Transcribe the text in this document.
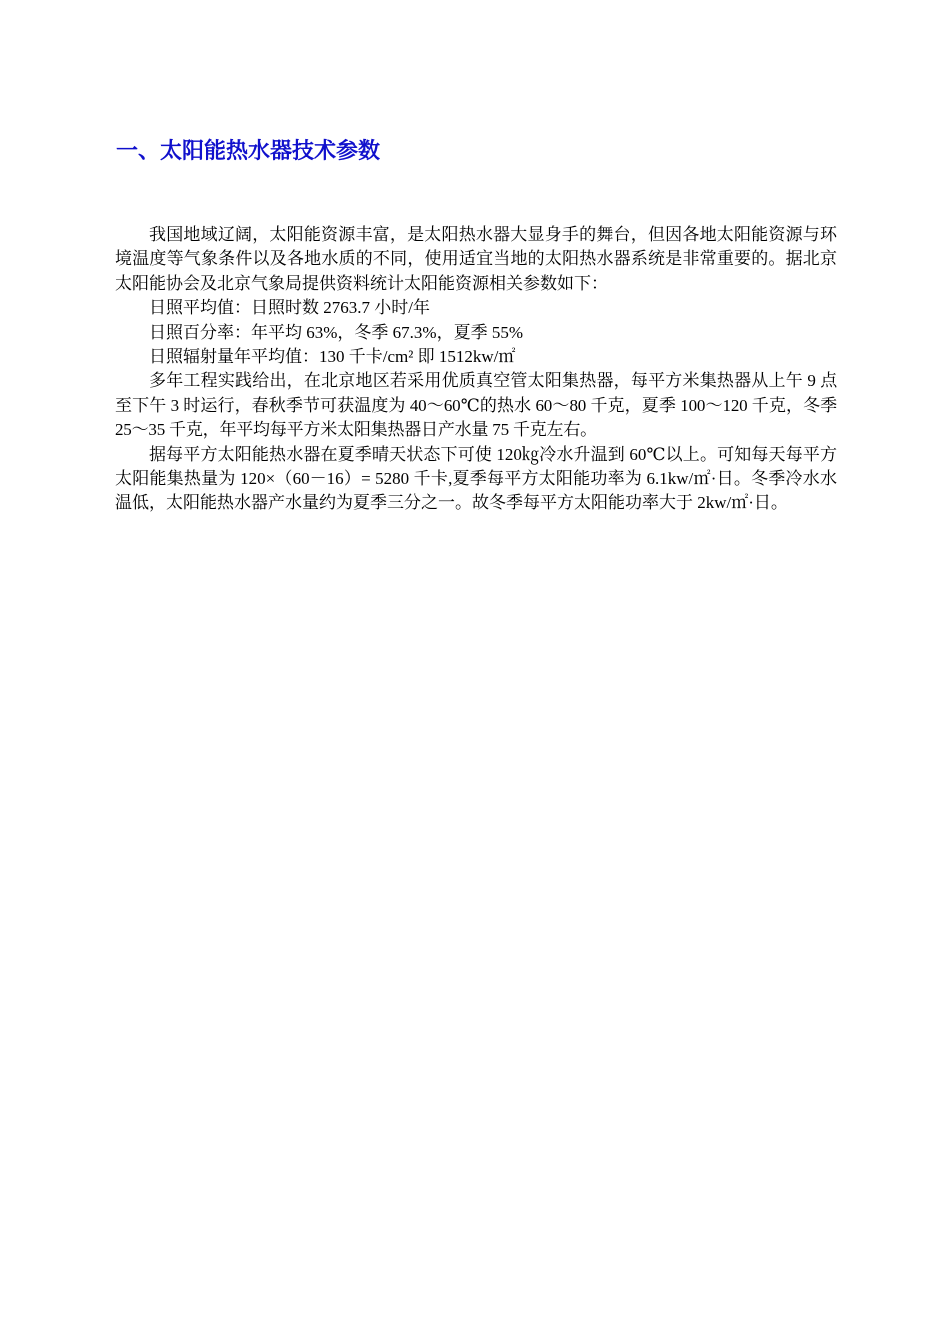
一、太阳能热水器技术参数

我国地域辽阔，太阳能资源丰富，是太阳热水器大显身手的舞台，但因各地太阳能资源与环境温度等气象条件以及各地水质的不同，使用适宜当地的太阳热水器系统是非常重要的。据北京太阳能协会及北京气象局提供资料统计太阳能资源相关参数如下：

日照平均值：日照时数 2763.7 小时/年

日照百分率：年平均 63%，冬季 67.3%，夏季 55%

日照辐射量年平均值：130 千卡/cm² 即 1512kw/㎡

多年工程实践给出，在北京地区若采用优质真空管太阳集热器，每平方米集热器从上午 9 点至下午 3 时运行，春秋季节可获温度为 40～60℃的热水 60～80 千克，夏季 100～120 千克，冬季 25～35 千克，年平均每平方米太阳集热器日产水量 75 千克左右。

据每平方太阳能热水器在夏季晴天状态下可使 120㎏冷水升温到 60℃以上。可知每天每平方太阳能集热量为 120×（60－16）= 5280 千卡,夏季每平方太阳能功率为 6.1kw/㎡·日。冬季冷水水温低，太阳能热水器产水量约为夏季三分之一。故冬季每平方太阳能功率大于 2kw/㎡·日。
